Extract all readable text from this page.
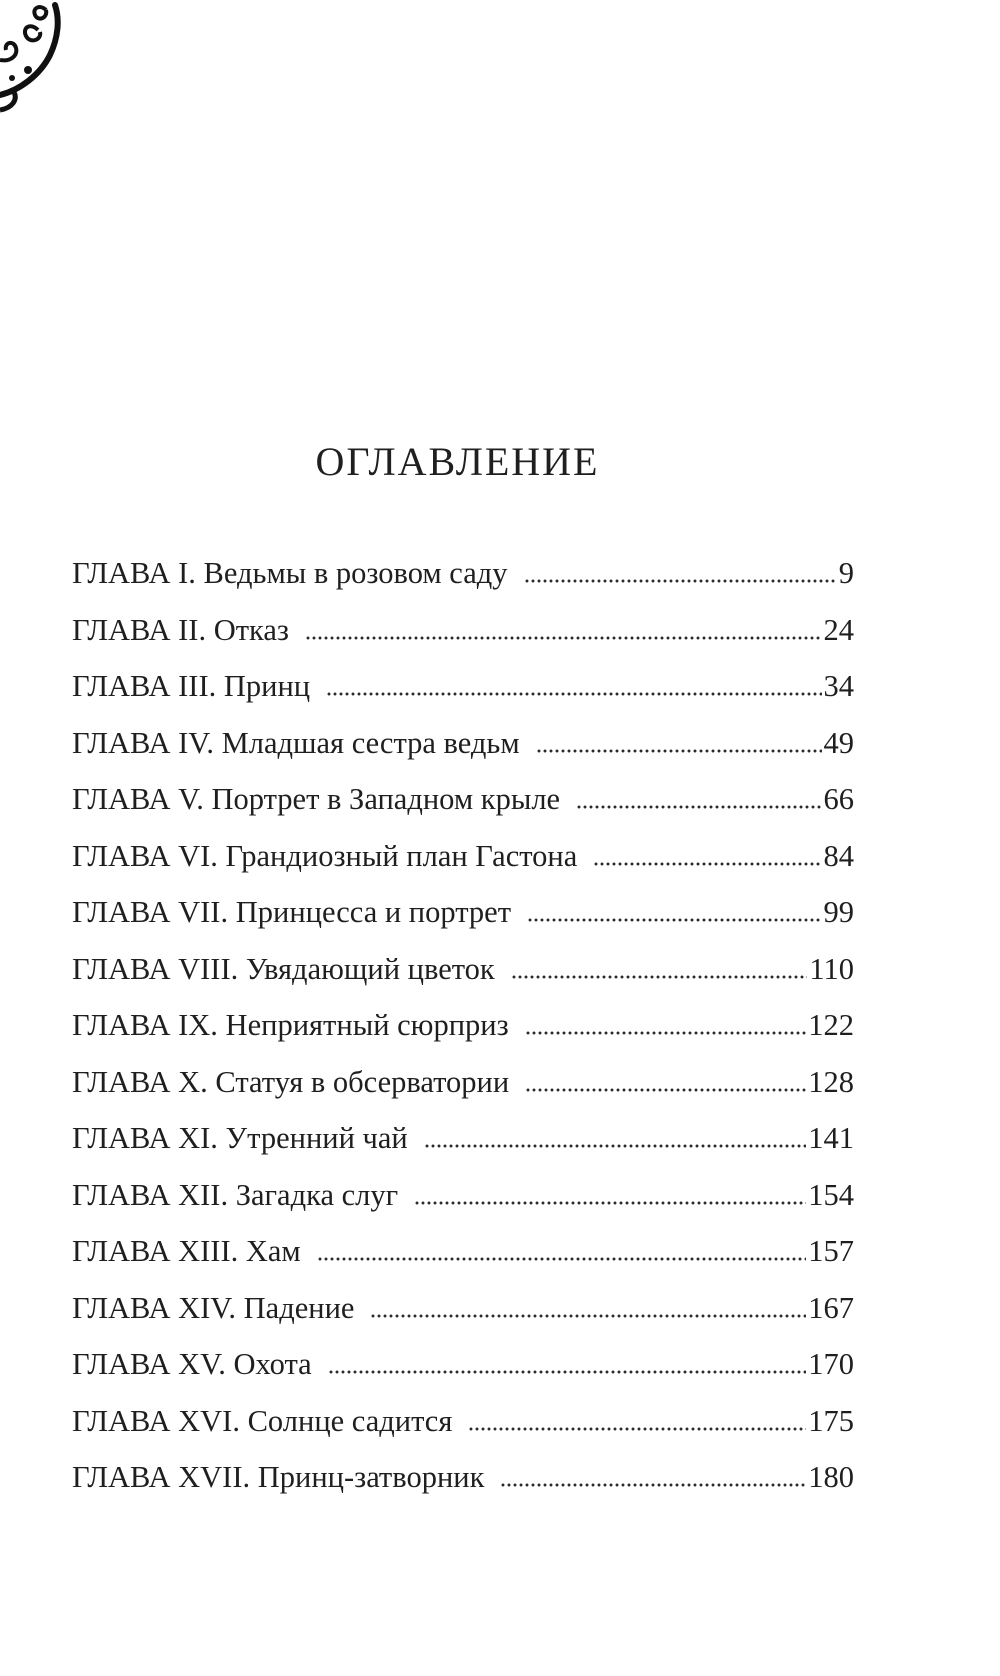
ОГЛАВЛЕНИЕ
ГЛАВА I. Ведьмы в розовом саду	9
ГЛАВА II. Отказ	24
ГЛАВА III. Принц	34
ГЛАВА IV. Младшая сестра ведьм	49
ГЛАВА V. Портрет в Западном крыле	66
ГЛАВА VI. Грандиозный план Гастона	84
ГЛАВА VII. Принцесса и портрет	99
ГЛАВА VIII. Увядающий цветок	110
ГЛАВА IX. Неприятный сюрприз	122
ГЛАВА X. Статуя в обсерватории	128
ГЛАВА XI. Утренний чай	141
ГЛАВА XII. Загадка слуг	154
ГЛАВА XIII. Хам	157
ГЛАВА XIV. Падение	167
ГЛАВА XV. Охота	170
ГЛАВА XVI. Солнце садится	175
ГЛАВА XVII. Принц-затворник	180
